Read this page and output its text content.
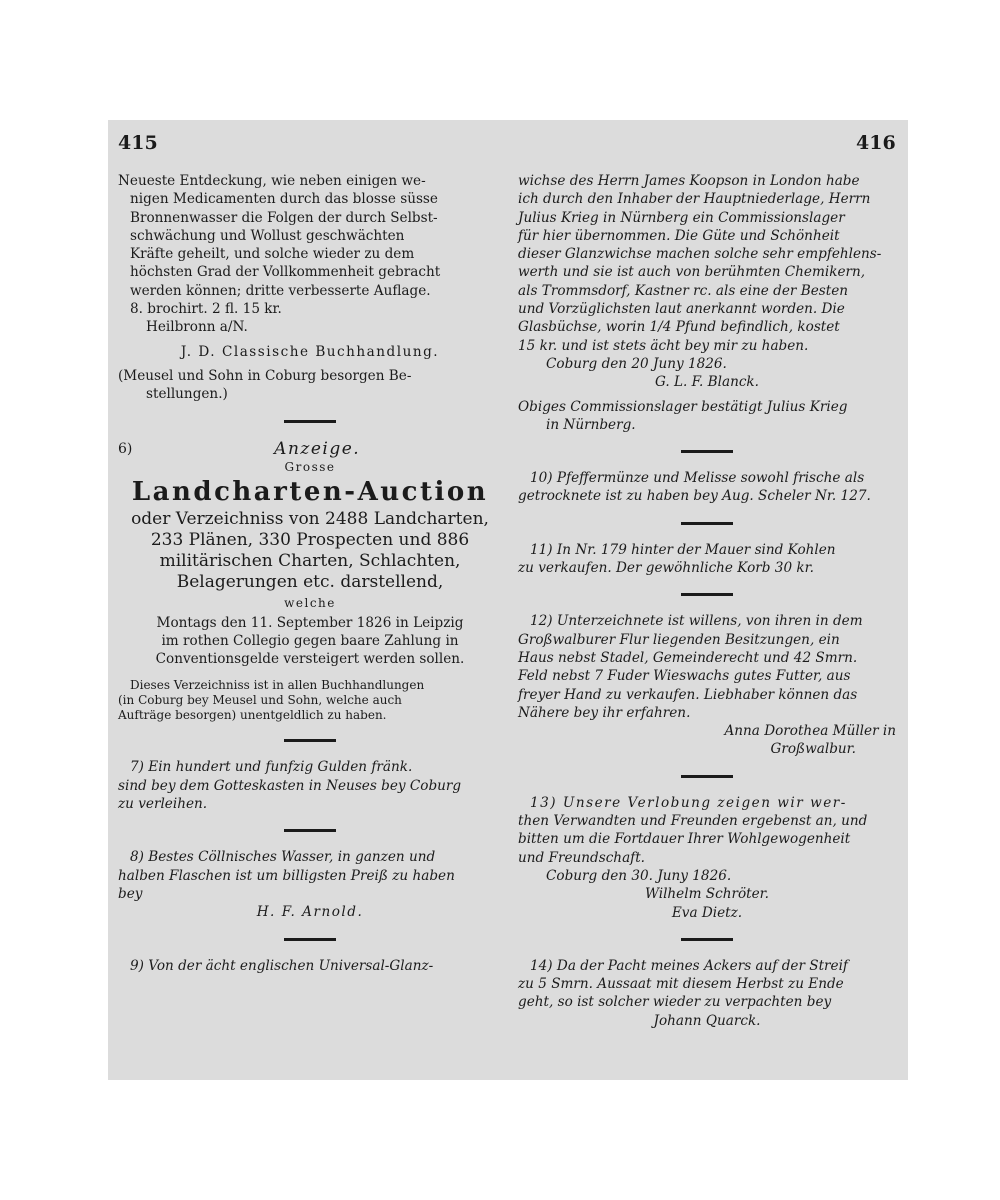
415	416

Neueste Entdeckung, wie neben einigen we-

nigen Medicamenten durch das blosse süsse

Bronnenwasser die Folgen der durch Selbst-

schwächung und Wollust geschwächten

Kräfte geheilt, und solche wieder zu dem

höchsten Grad der Vollkommenheit gebracht

werden können; dritte verbesserte Auflage.

8. brochirt. 2 fl. 15 kr.

Heilbronn a/N.

J. D. Classische Buchhandlung.

(Meusel und Sohn in Coburg besorgen Be-

stellungen.)

6)	Anzeige.

Grosse

Landcharten-Auction

oder Verzeichniss von 2488 Landcharten,

233 Plänen, 330 Prospecten und 886

militärischen Charten, Schlachten,

Belagerungen etc. darstellend,

welche

Montags den 11. September 1826 in Leipzig

im rothen Collegio gegen baare Zahlung in

Conventionsgelde versteigert werden sollen.

Dieses Verzeichniss ist in allen Buchhandlungen

(in Coburg bey Meusel und Sohn, welche auch

Aufträge besorgen) unentgeldlich zu haben.

7) Ein hundert und funfzig Gulden fränk.

sind bey dem Gotteskasten in Neuses bey Coburg

zu verleihen.

8) Bestes Cöllnisches Wasser, in ganzen und

halben Flaschen ist um billigsten Preiß zu haben

bey

H. F. Arnold.

9) Von der ächt englischen Universal-Glanz-

wichse des Herrn James Koopson in London habe

ich durch den Inhaber der Hauptniederlage, Herrn

Julius Krieg in Nürnberg ein Commissionslager

für hier übernommen. Die Güte und Schönheit

dieser Glanzwichse machen solche sehr empfehlens-

werth und sie ist auch von berühmten Chemikern,

als Trommsdorf, Kastner rc. als eine der Besten

und Vorzüglichsten laut anerkannt worden. Die

Glasbüchse, worin 1/4 Pfund befindlich, kostet

15 kr. und ist stets ächt bey mir zu haben.

Coburg den 20 Juny 1826.

G. L. F. Blanck.

Obiges Commissionslager bestätigt Julius Krieg

in Nürnberg.

10) Pfeffermünze und Melisse sowohl frische als

getrocknete ist zu haben bey Aug. Scheler Nr. 127.

11) In Nr. 179 hinter der Mauer sind Kohlen

zu verkaufen. Der gewöhnliche Korb 30 kr.

12) Unterzeichnete ist willens, von ihren in dem

Großwalburer Flur liegenden Besitzungen, ein

Haus nebst Stadel, Gemeinderecht und 42 Smrn.

Feld nebst 7 Fuder Wieswachs gutes Futter, aus

freyer Hand zu verkaufen. Liebhaber können das

Nähere bey ihr erfahren.

Anna Dorothea Müller in

Großwalbur.

13) Unsere Verlobung zeigen wir wer-

then Verwandten und Freunden ergebenst an, und

bitten um die Fortdauer Ihrer Wohlgewogenheit

und Freundschaft.

Coburg den 30. Juny 1826.

Wilhelm Schröter.

Eva Dietz.

14) Da der Pacht meines Ackers auf der Streif

zu 5 Smrn. Aussaat mit diesem Herbst zu Ende

geht, so ist solcher wieder zu verpachten bey

Johann Quarck.
